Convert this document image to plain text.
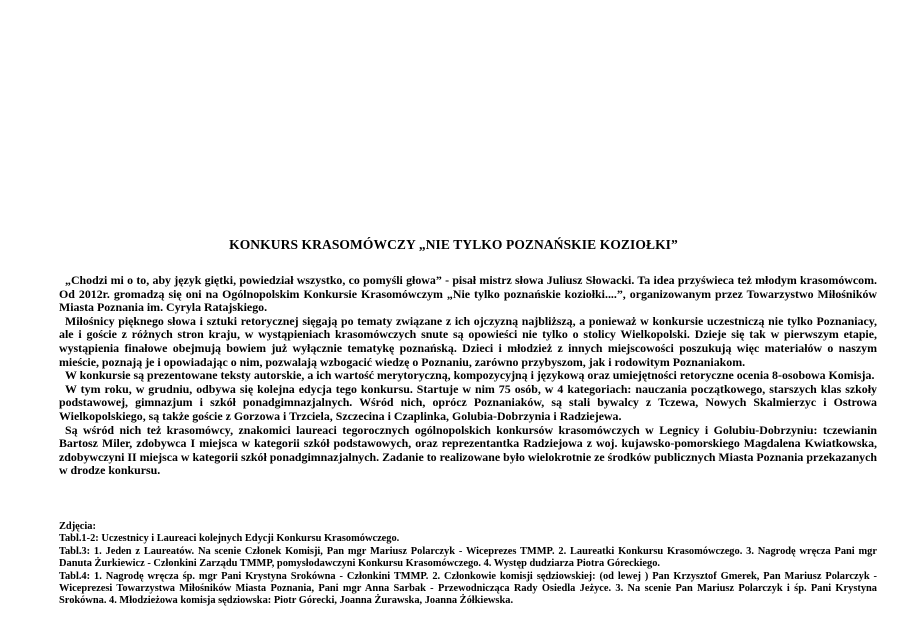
KONKURS KRASOMÓWCZY „NIE TYLKO POZNAŃSKIE KOZIOŁKI”

„Chodzi mi o to, aby język giętki, powiedział wszystko, co pomyśli głowa” - pisał mistrz słowa Juliusz Słowacki. Ta idea przyświeca też młodym krasomówcom. Od 2012r. gromadzą się oni na Ogólnopolskim Konkursie Krasomówczym „Nie tylko poznańskie koziołki....”, organizowanym przez Towarzystwo Miłośników Miasta Poznania im. Cyryla Ratajskiego.

Miłośnicy pięknego słowa i sztuki retorycznej sięgają po tematy związane z ich ojczyzną najbliższą, a ponieważ w konkursie uczestniczą nie tylko Poznaniacy, ale i goście z różnych stron kraju, w wystąpieniach krasomówczych snute są opowieści nie tylko o stolicy Wielkopolski. Dzieje się tak w pierwszym etapie, wystąpienia finałowe obejmują bowiem już wyłącznie tematykę poznańską. Dzieci i młodzież z innych miejscowości poszukują więc materiałów o naszym mieście, poznają je i opowiadając o nim, pozwalają wzbogacić wiedzę o Poznaniu, zarówno przybyszom, jak i rodowitym Poznaniakom.

W konkursie są prezentowane teksty autorskie, a ich wartość merytoryczną, kompozycyjną i językową oraz umiejętności retoryczne ocenia 8-osobowa Komisja.

W tym roku, w grudniu, odbywa się kolejna edycja tego konkursu. Startuje w nim 75 osób, w 4 kategoriach: nauczania początkowego, starszych klas szkoły podstawowej, gimnazjum i szkół ponadgimnazjalnych. Wśród nich, oprócz Poznaniaków, są stali bywalcy z Tczewa, Nowych Skalmierzyc i Ostrowa Wielkopolskiego, są także goście z Gorzowa i Trzciela, Szczecina i Czaplinka, Golubia-Dobrzynia i Radziejewa.

Są wśród nich też krasomówcy, znakomici laureaci tegorocznych ogólnopolskich konkursów krasomówczych w Legnicy i Golubiu-Dobrzyniu: tczewianin Bartosz Miler, zdobywca I miejsca w kategorii szkół podstawowych, oraz reprezentantka Radziejowa z woj. kujawsko-pomorskiego Magdalena Kwiatkowska, zdobywczyni II miejsca w kategorii szkół ponadgimnazjalnych. Zadanie to realizowane było wielokrotnie ze środków publicznych Miasta Poznania przekazanych w drodze konkursu.

Zdjęcia:

Tabl.1-2: Uczestnicy i Laureaci kolejnych Edycji Konkursu Krasomówczego.

Tabl.3: 1. Jeden z Laureatów. Na scenie Członek Komisji, Pan mgr Mariusz Polarczyk - Wiceprezes TMMP. 2. Laureatki Konkursu Krasomówczego. 3. Nagrodę wręcza Pani mgr Danuta Żurkiewicz - Członkini Zarządu TMMP, pomysłodawczyni Konkursu Krasomówczego. 4. Występ dudziarza Piotra Góreckiego.

Tabl.4: 1. Nagrodę wręcza śp. mgr Pani Krystyna Srokówna - Członkini TMMP. 2. Członkowie komisji sędziowskiej: (od lewej ) Pan Krzysztof Gmerek, Pan Mariusz Polarczyk - Wiceprezesi Towarzystwa Miłośników Miasta Poznania, Pani mgr Anna Sarbak - Przewodnicząca Rady Osiedla Jeżyce. 3. Na scenie Pan Mariusz Polarczyk i śp. Pani Krystyna Srokówna. 4. Młodzieżowa komisja sędziowska: Piotr Górecki, Joanna Żurawska, Joanna Żółkiewska.
